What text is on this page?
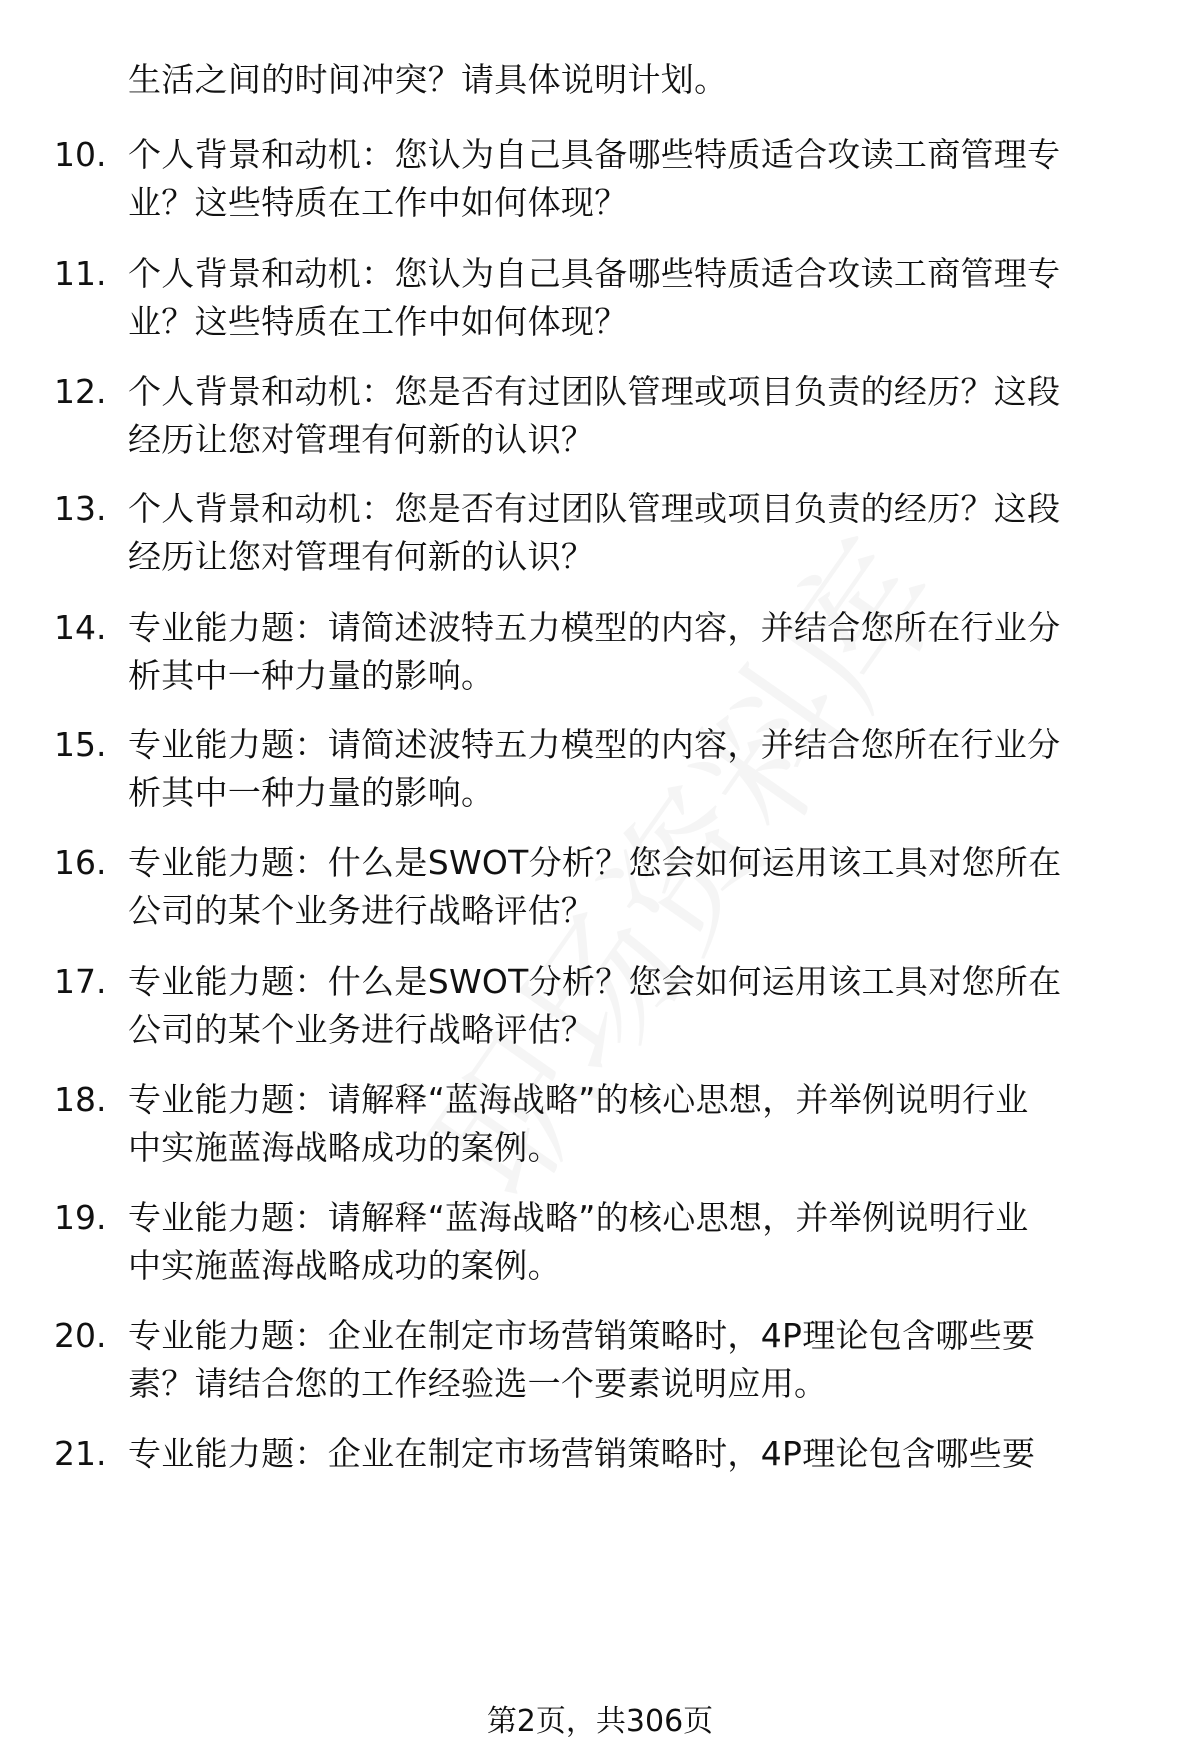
生活之间的时间冲突？请具体说明计划。
10. 个人背景和动机：您认为自己具备哪些特质适合攻读工商管理专
业？这些特质在工作中如何体现？
11. 个人背景和动机：您认为自己具备哪些特质适合攻读工商管理专
业？这些特质在工作中如何体现？
12. 个人背景和动机：您是否有过团队管理或项目负责的经历？这段
经历让您对管理有何新的认识？
13. 个人背景和动机：您是否有过团队管理或项目负责的经历？这段
经历让您对管理有何新的认识？
14. 专业能力题：请简述波特五力模型的内容，并结合您所在行业分
析其中一种力量的影响。
15. 专业能力题：请简述波特五力模型的内容，并结合您所在行业分
析其中一种力量的影响。
16. 专业能力题：什么是SWOT分析？您会如何运用该工具对您所在
公司的某个业务进行战略评估？
17. 专业能力题：什么是SWOT分析？您会如何运用该工具对您所在
公司的某个业务进行战略评估？
18. 专业能力题：请解释“蓝海战略”的核心思想，并举例说明行业
中实施蓝海战略成功的案例。
19. 专业能力题：请解释“蓝海战略”的核心思想，并举例说明行业
中实施蓝海战略成功的案例。
20. 专业能力题：企业在制定市场营销策略时，4P理论包含哪些要
素？请结合您的工作经验选一个要素说明应用。
21. 专业能力题：企业在制定市场营销策略时，4P理论包含哪些要
第2页，共306页
